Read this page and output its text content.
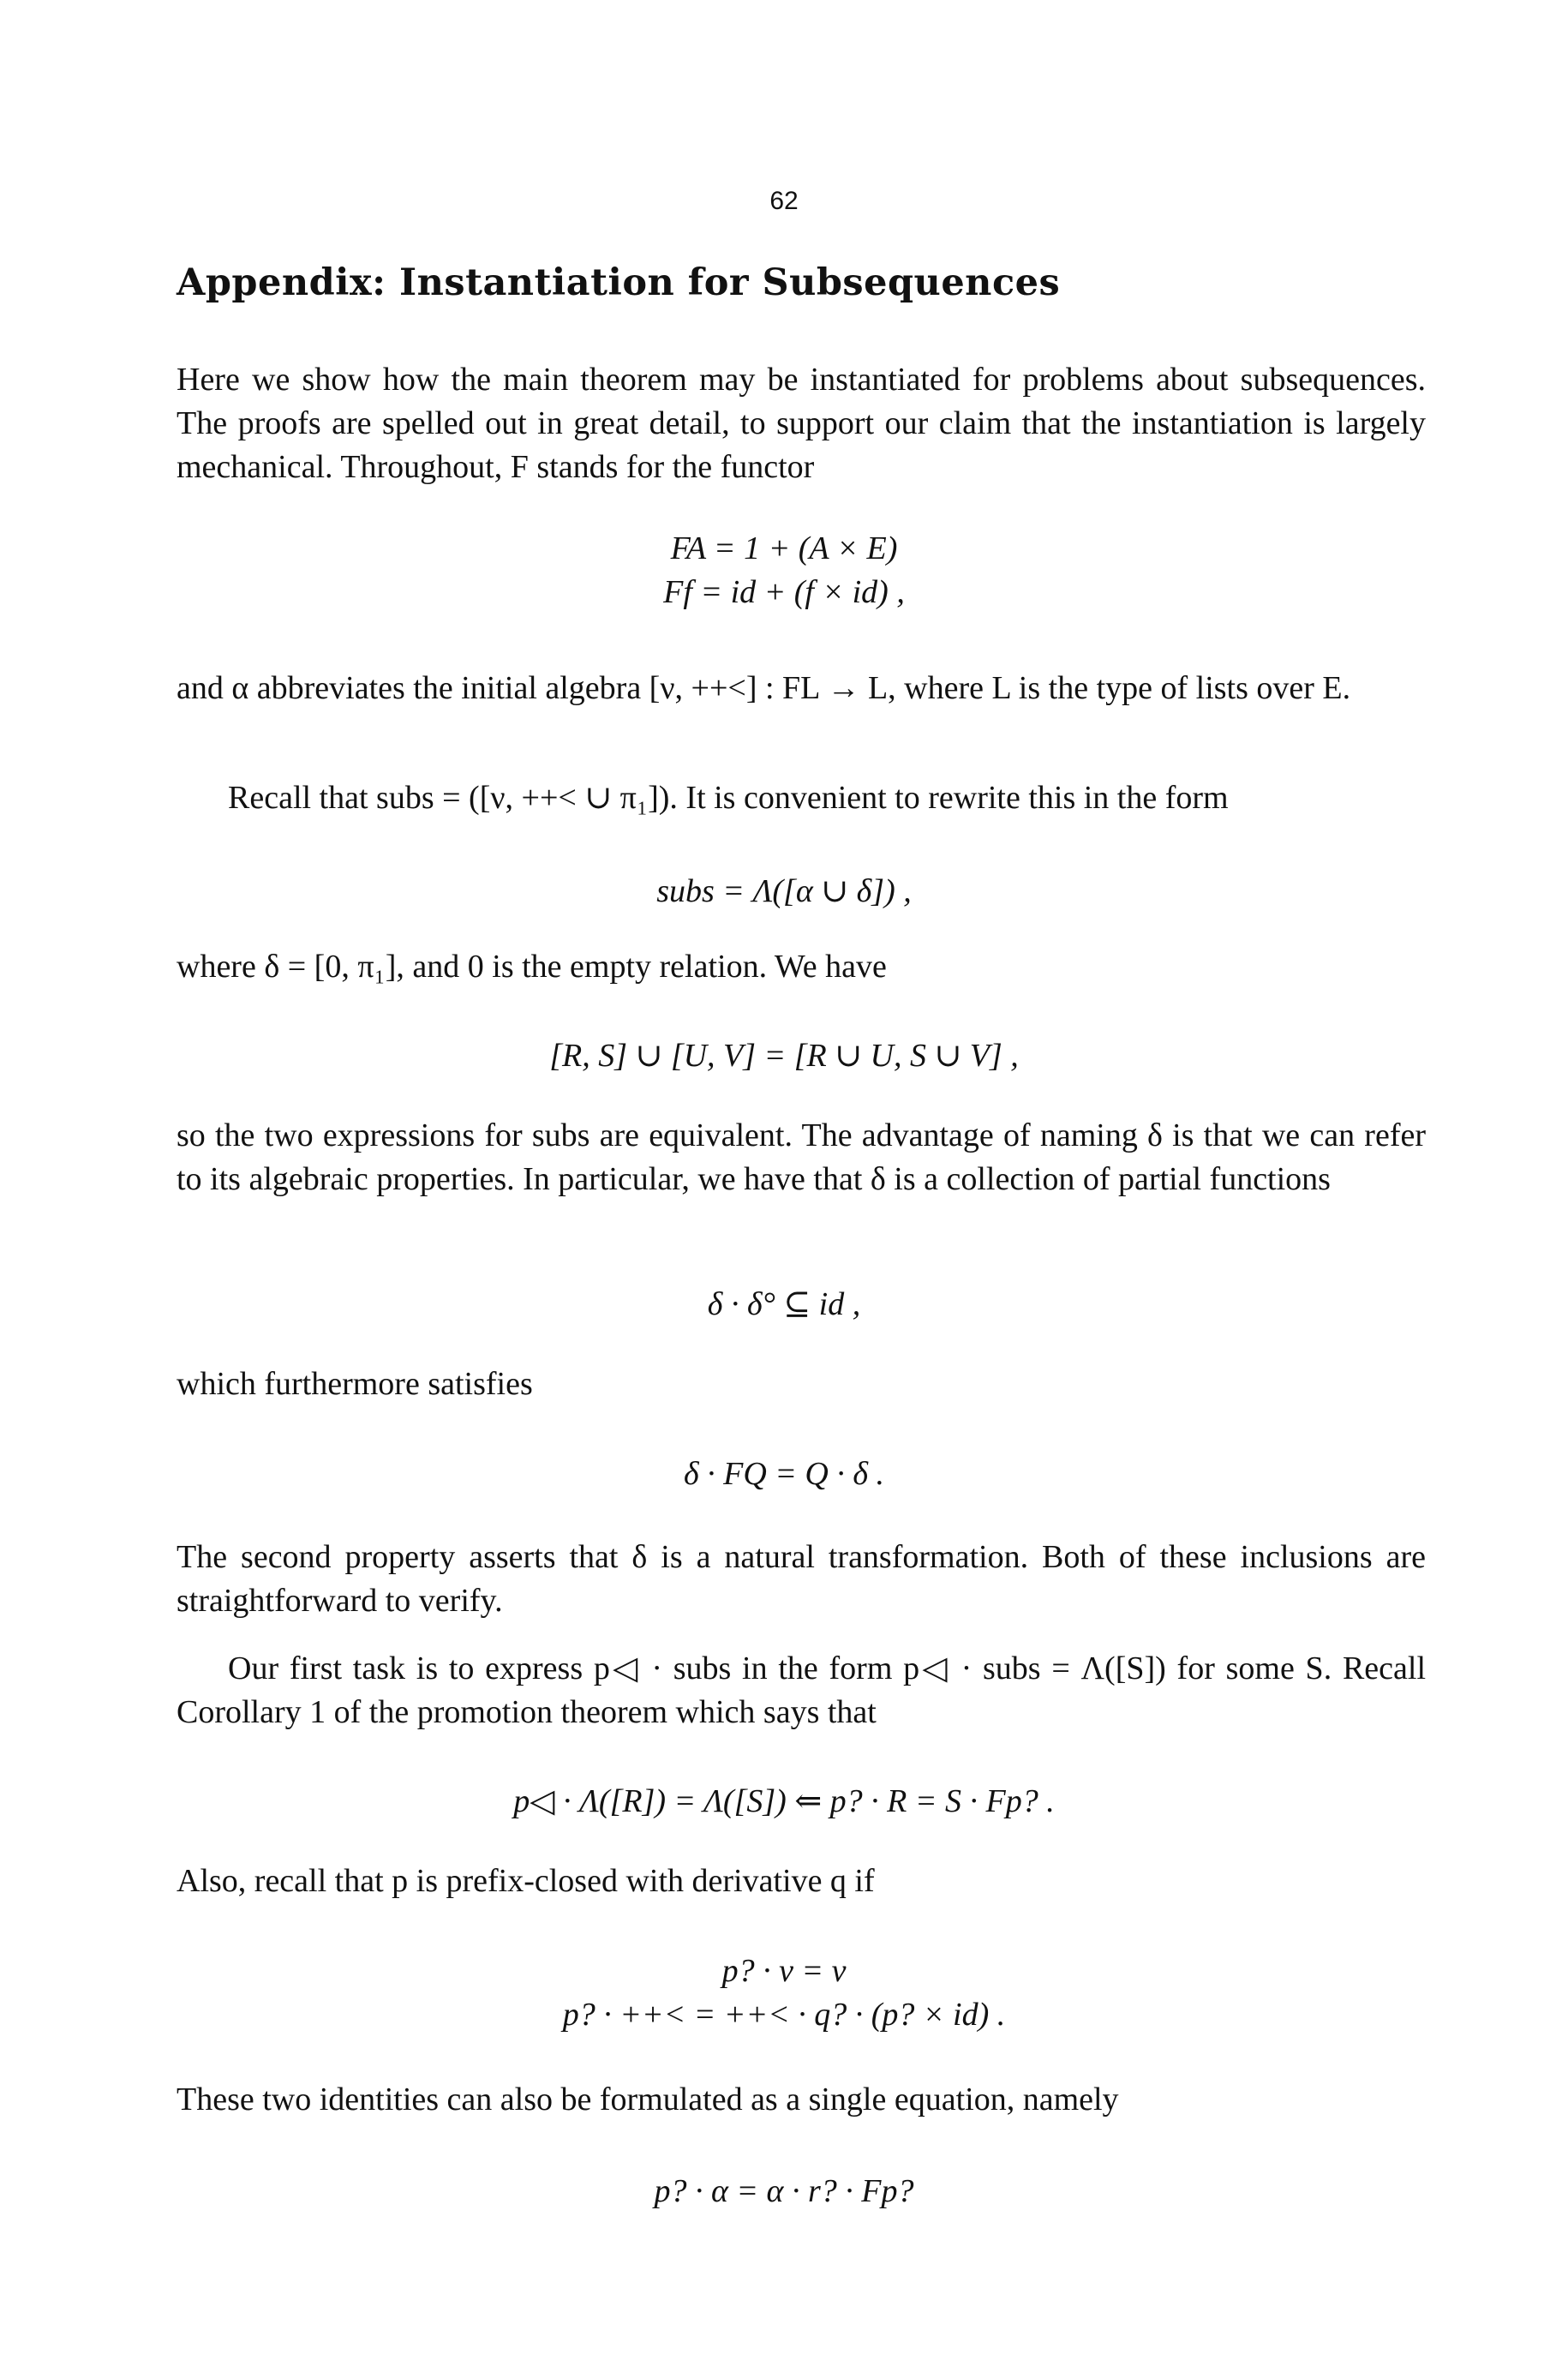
62
Appendix: Instantiation for Subsequences
Here we show how the main theorem may be instantiated for problems about subsequences. The proofs are spelled out in great detail, to support our claim that the instantiation is largely mechanical. Throughout, F stands for the functor
FA = 1 + (A × E)
Ff = id + (f × id) ,
and α abbreviates the initial algebra [ν, ++<] : FL → L, where L is the type of lists over E.
Recall that subs = ([ν, ++< ∪ π₁]). It is convenient to rewrite this in the form
subs = Λ([α ∪ δ]) ,
where δ = [0, π₁], and 0 is the empty relation. We have
[R, S] ∪ [U, V] = [R ∪ U, S ∪ V] ,
so the two expressions for subs are equivalent. The advantage of naming δ is that we can refer to its algebraic properties. In particular, we have that δ is a collection of partial functions
δ · δ° ⊆ id ,
which furthermore satisfies
δ · FQ = Q · δ .
The second property asserts that δ is a natural transformation. Both of these inclusions are straightforward to verify.
Our first task is to express p◁ · subs in the form p◁ · subs = Λ([S]) for some S. Recall Corollary 1 of the promotion theorem which says that
p◁ · Λ([R]) = Λ([S]) ⇐ p? · R = S · Fp? .
Also, recall that p is prefix-closed with derivative q if
p? · ν = ν
p? · ++< = ++< · q? · (p? × id) .
These two identities can also be formulated as a single equation, namely
p? · α = α · r? · Fp?
